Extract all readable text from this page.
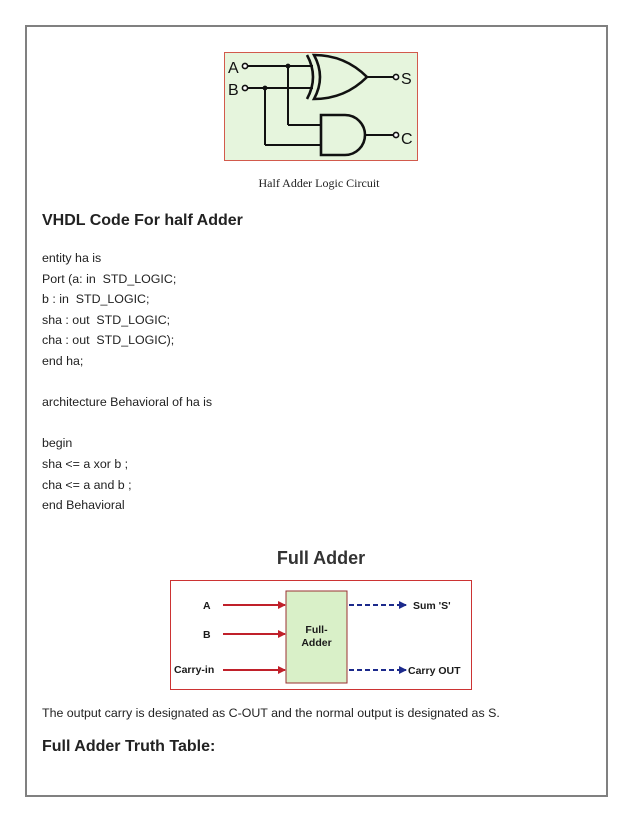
A
B
S
C
Half Adder Logic Circuit
VHDL Code For half Adder
entity ha is
Port (a: in  STD_LOGIC;
b : in  STD_LOGIC;
sha : out  STD_LOGIC;
cha : out  STD_LOGIC);
end ha;
architecture Behavioral of ha is
begin
sha <= a xor b ;
cha <= a and b ;
end Behavioral
Full Adder
A
B
Carry-in
Full-
Adder
Sum 'S'
Carry OUT
The output carry is designated as C-OUT and the normal output is designated as S.
Full Adder Truth Table:
